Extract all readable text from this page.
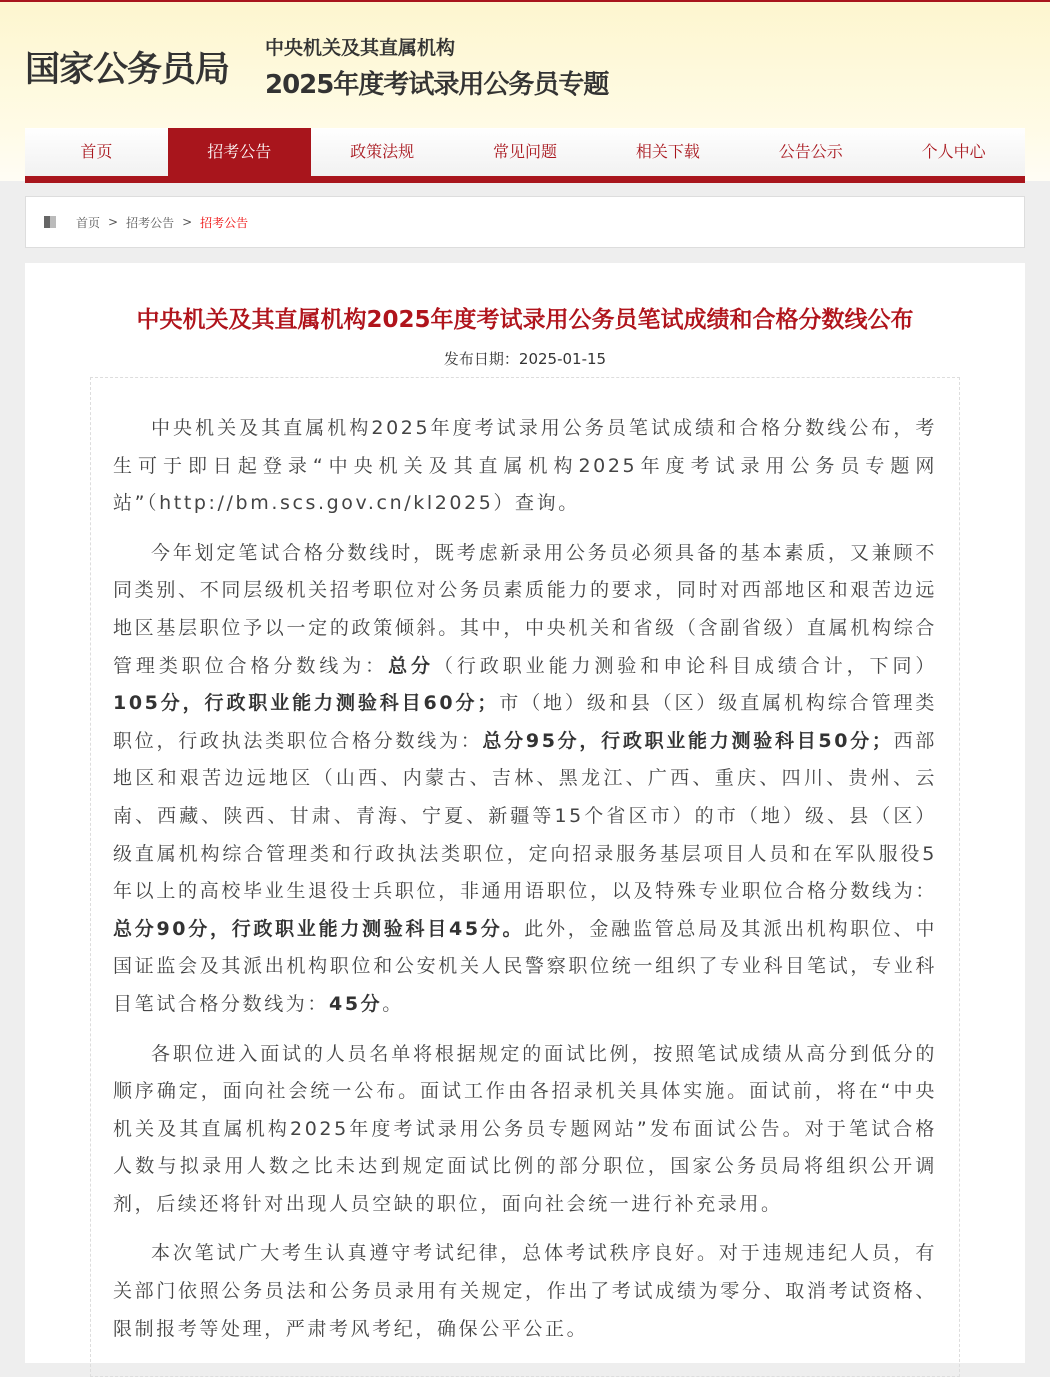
国家公务员局
中央机关及其直属机构
2025年度考试录用公务员专题
首页	招考公告	政策法规	常见问题	相关下载	公告公示	个人中心
首页 > 招考公告 > 招考公告
中央机关及其直属机构2025年度考试录用公务员笔试成绩和合格分数线公布
发布日期：2025-01-15

中央机关及其直属机构2025年度考试录用公务员笔试成绩和合格分数线公布，考生可于即日起登录“中央机关及其直属机构2025年度考试录用公务员专题网站”（http://bm.scs.gov.cn/kl2025）查询。

今年划定笔试合格分数线时，既考虑新录用公务员必须具备的基本素质，又兼顾不同类别、不同层级机关招考职位对公务员素质能力的要求，同时对西部地区和艰苦边远地区基层职位予以一定的政策倾斜。其中，中央机关和省级（含副省级）直属机构综合管理类职位合格分数线为：总分（行政职业能力测验和申论科目成绩合计，下同）105分，行政职业能力测验科目60分；市（地）级和县（区）级直属机构综合管理类职位，行政执法类职位合格分数线为：总分95分，行政职业能力测验科目50分；西部地区和艰苦边远地区（山西、内蒙古、吉林、黑龙江、广西、重庆、四川、贵州、云南、西藏、陕西、甘肃、青海、宁夏、新疆等15个省区市）的市（地）级、县（区）级直属机构综合管理类和行政执法类职位，定向招录服务基层项目人员和在军队服役5年以上的高校毕业生退役士兵职位，非通用语职位，以及特殊专业职位合格分数线为：总分90分，行政职业能力测验科目45分。此外，金融监管总局及其派出机构职位、中国证监会及其派出机构职位和公安机关人民警察职位统一组织了专业科目笔试，专业科目笔试合格分数线为：45分。

各职位进入面试的人员名单将根据规定的面试比例，按照笔试成绩从高分到低分的顺序确定，面向社会统一公布。面试工作由各招录机关具体实施。面试前，将在“中央机关及其直属机构2025年度考试录用公务员专题网站”发布面试公告。对于笔试合格人数与拟录用人数之比未达到规定面试比例的部分职位，国家公务员局将组织公开调剂，后续还将针对出现人员空缺的职位，面向社会统一进行补充录用。

本次笔试广大考生认真遵守考试纪律，总体考试秩序良好。对于违规违纪人员，有关部门依照公务员法和公务员录用有关规定，作出了考试成绩为零分、取消考试资格、限制报考等处理，严肃考风考纪，确保公平公正。
